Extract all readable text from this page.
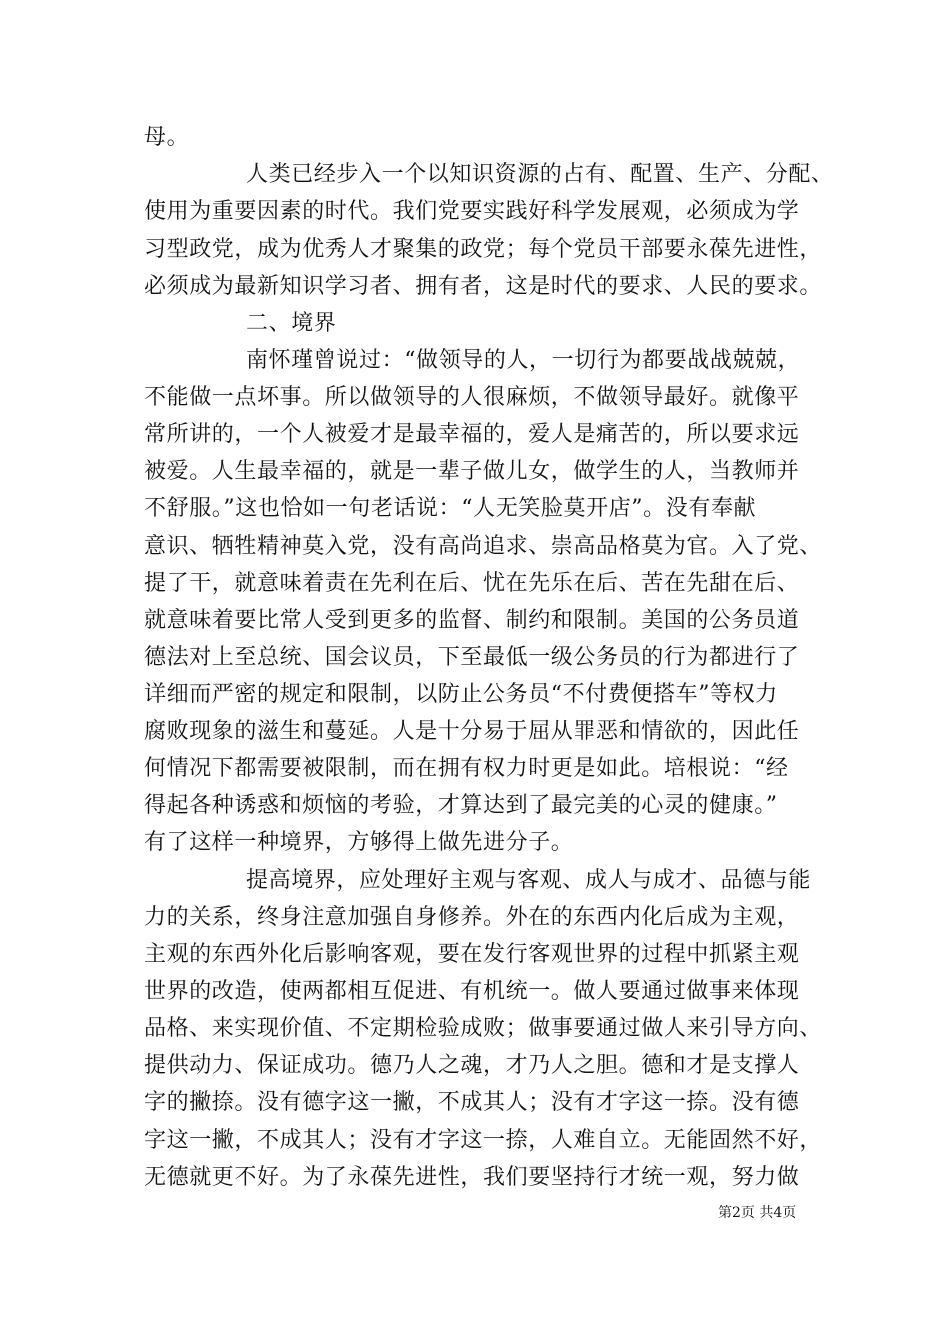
母。
人类已经步入一个以知识资源的占有、配置、生产、分配、
使用为重要因素的时代。我们党要实践好科学发展观，必须成为学
习型政党，成为优秀人才聚集的政党；每个党员干部要永葆先进性，
必须成为最新知识学习者、拥有者，这是时代的要求、人民的要求。
二、境界
南怀瑾曾说过：“做领导的人，一切行为都要战战兢兢，
不能做一点坏事。所以做领导的人很麻烦，不做领导最好。就像平
常所讲的，一个人被爱才是最幸福的，爱人是痛苦的，所以要求远
被爱。人生最幸福的，就是一辈子做儿女，做学生的人，当教师并
不舒服。”这也恰如一句老话说：“人无笑脸莫开店”。没有奉献
意识、牺牲精神莫入党，没有高尚追求、崇高品格莫为官。入了党、
提了干，就意味着责在先利在后、忧在先乐在后、苦在先甜在后、
就意味着要比常人受到更多的监督、制约和限制。美国的公务员道
德法对上至总统、国会议员，下至最低一级公务员的行为都进行了
详细而严密的规定和限制，以防止公务员“不付费便搭车”等权力
腐败现象的滋生和蔓延。人是十分易于屈从罪恶和情欲的，因此任
何情况下都需要被限制，而在拥有权力时更是如此。培根说：“经
得起各种诱惑和烦恼的考验，才算达到了最完美的心灵的健康。”
有了这样一种境界，方够得上做先进分子。
提高境界，应处理好主观与客观、成人与成才、品德与能
力的关系，终身注意加强自身修养。外在的东西内化后成为主观，
主观的东西外化后影响客观，要在发行客观世界的过程中抓紧主观
世界的改造，使两都相互促进、有机统一。做人要通过做事来体现
品格、来实现价值、不定期检验成败；做事要通过做人来引导方向、
提供动力、保证成功。德乃人之魂，才乃人之胆。德和才是支撑人
字的撇捺。没有德字这一撇，不成其人；没有才字这一捺。没有德
字这一撇，不成其人；没有才字这一捺，人难自立。无能固然不好，
无德就更不好。为了永葆先进性，我们要坚持行才统一观，努力做
第2页 共4页
